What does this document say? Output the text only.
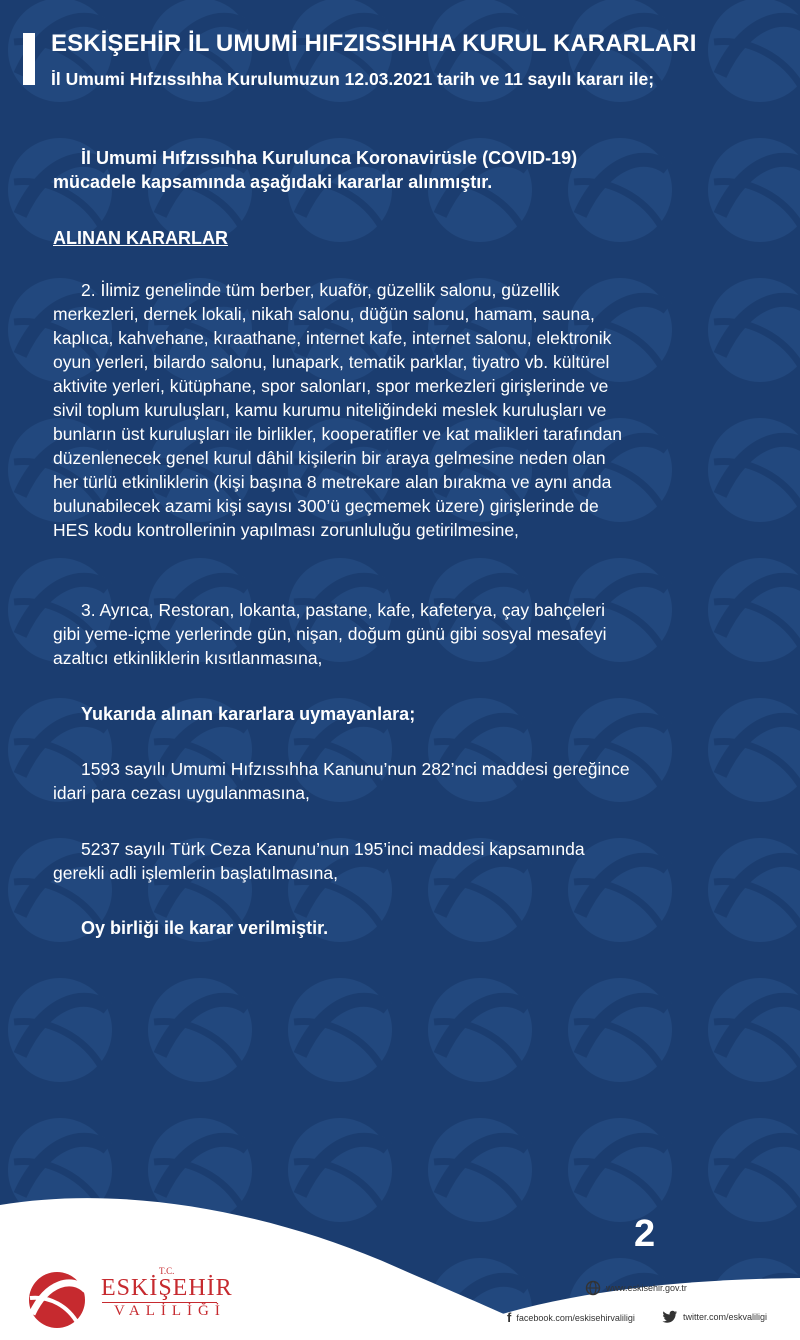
ESKİŞEHİR İL UMUMİ HIFZISSIHHA KURUL KARARLARI
İl Umumi Hıfzıssıhha Kurulumuzun 12.03.2021 tarih ve 11 sayılı kararı ile;
İl Umumi Hıfzıssıhha Kurulunca Koronavirüsle (COVID-19)
mücadele kapsamında aşağıdaki kararlar alınmıştır.
ALINAN KARARLAR
2. İlimiz genelinde tüm berber, kuaför, güzellik salonu, güzellik
merkezleri, dernek lokali, nikah salonu, düğün salonu, hamam, sauna,
kaplıca, kahvehane, kıraathane, internet kafe, internet salonu, elektronik
oyun yerleri, bilardo salonu, lunapark, tematik parklar, tiyatro vb. kültürel
aktivite yerleri, kütüphane, spor salonları, spor merkezleri girişlerinde ve
sivil toplum kuruluşları, kamu kurumu niteliğindeki meslek kuruluşları ve
bunların üst kuruluşları ile birlikler, kooperatifler ve kat malikleri tarafından
düzenlenecek genel kurul dâhil kişilerin bir araya gelmesine neden olan
her türlü etkinliklerin (kişi başına 8 metrekare alan bırakma ve aynı anda
bulunabilecek azami kişi sayısı 300’ü geçmemek üzere) girişlerinde de
HES kodu kontrollerinin yapılması zorunluluğu getirilmesine,
3. Ayrıca, Restoran, lokanta, pastane, kafe, kafeterya, çay bahçeleri
gibi yeme-içme yerlerinde gün, nişan, doğum günü gibi sosyal mesafeyi
azaltıcı etkinliklerin kısıtlanmasına,
Yukarıda alınan kararlara uymayanlara;
1593 sayılı Umumi Hıfzıssıhha Kanunu’nun 282’nci maddesi gereğince
idari para cezası uygulanmasına,
5237 sayılı Türk Ceza Kanunu’nun 195’inci maddesi kapsamında
gerekli adli işlemlerin başlatılmasına,
Oy birliği ile karar verilmiştir.
2
T.C.
ESKİŞEHİR
VALİLİĞİ
www.eskisehir.gov.tr
f facebook.com/eskisehirvaliligi	twitter.com/eskvaliligi
